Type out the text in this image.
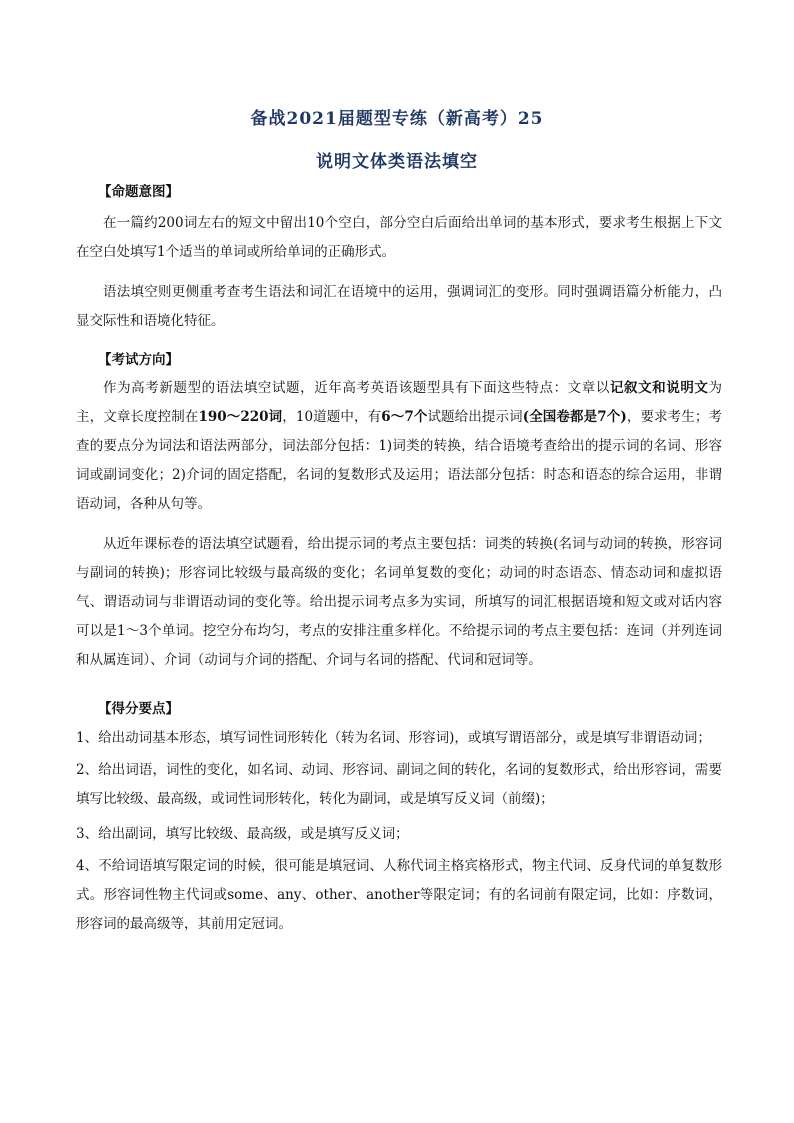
备战2021届题型专练（新高考）25
说明文体类语法填空
【命题意图】

在一篇约200词左右的短文中留出10个空白，部分空白后面给出单词的基本形式，要求考生根据上下文在空白处填写1个适当的单词或所给单词的正确形式。

语法填空则更侧重考查考生语法和词汇在语境中的运用，强调词汇的变形。同时强调语篇分析能力，凸显交际性和语境化特征。

【考试方向】

作为高考新题型的语法填空试题，近年高考英语该题型具有下面这些特点：文章以记叙文和说明文为主，文章长度控制在190～220词，10道题中，有6～7个试题给出提示词(全国卷都是7个)，要求考生；考查的要点分为词法和语法两部分，词法部分包括：1)词类的转换，结合语境考查给出的提示词的名词、形容词或副词变化；2)介词的固定搭配，名词的复数形式及运用；语法部分包括：时态和语态的综合运用，非谓语动词，各种从句等。

从近年课标卷的语法填空试题看，给出提示词的考点主要包括：词类的转换(名词与动词的转换，形容词与副词的转换)；形容词比较级与最高级的变化；名词单复数的变化；动词的时态语态、情态动词和虚拟语气、谓语动词与非谓语动词的变化等。给出提示词考点多为实词，所填写的词汇根据语境和短文或对话内容可以是1～3个单词。挖空分布均匀，考点的安排注重多样化。不给提示词的考点主要包括：连词（并列连词和从属连词）、介词（动词与介词的搭配、介词与名词的搭配、代词和冠词等。

【得分要点】

1、给出动词基本形态，填写词性词形转化（转为名词、形容词)，或填写谓语部分，或是填写非谓语动词；

2、给出词语，词性的变化，如名词、动词、形容词、副词之间的转化，名词的复数形式，给出形容词，需要填写比较级、最高级，或词性词形转化，转化为副词，或是填写反义词（前缀)；

3、给出副词，填写比较级、最高级，或是填写反义词；

4、不给词语填写限定词的时候，很可能是填冠词、人称代词主格宾格形式，物主代词、反身代词的单复数形式。形容词性物主代词或some、any、other、another等限定词；有的名词前有限定词，比如：序数词，形容词的最高级等，其前用定冠词。
